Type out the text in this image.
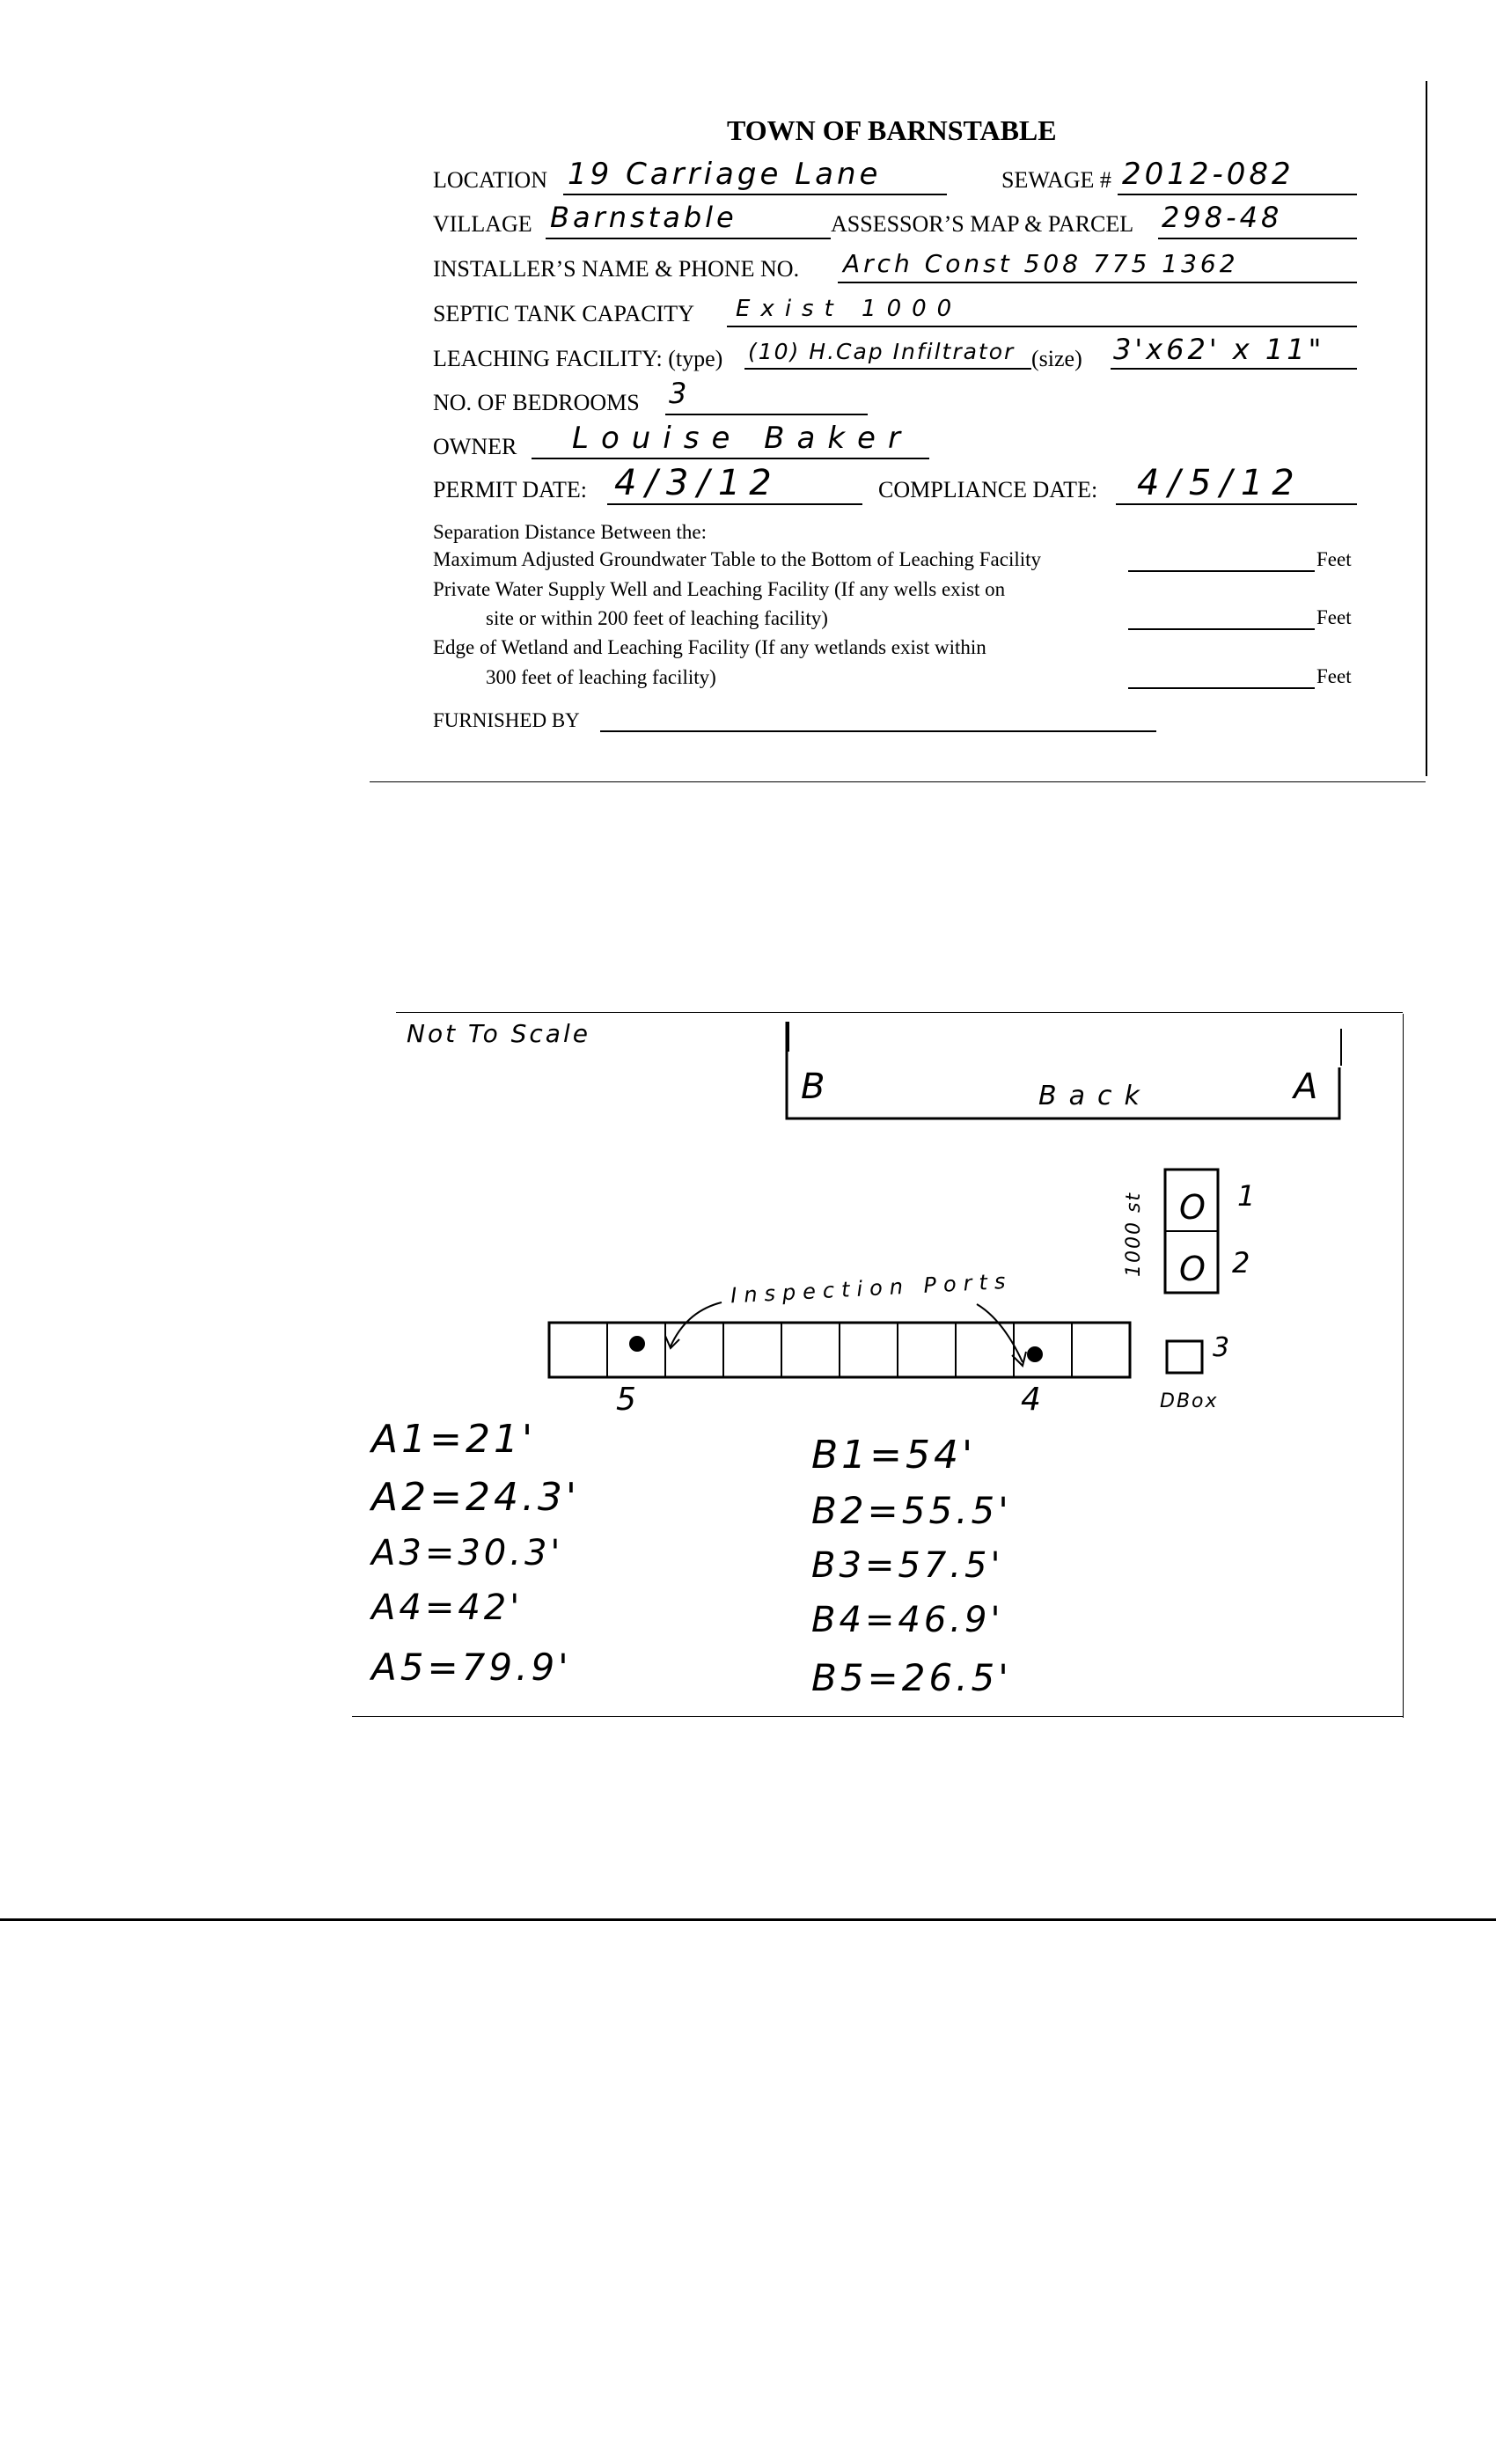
TOWN OF BARNSTABLE
LOCATION 19 Carriage Lane	SEWAGE # 2012-082
VILLAGE Barnstable	ASSESSOR’S MAP & PARCEL 298-48
INSTALLER’S NAME & PHONE NO. Arch Const 508 775 1362
SEPTIC TANK CAPACITY Exist 1000
LEACHING FACILITY: (type) (10) H.Cap Infiltrator (size) 3'x62' x 11"
NO. OF BEDROOMS 3
OWNER Louise Baker
PERMIT DATE: 4/3/12	COMPLIANCE DATE: 4/5/12
Separation Distance Between the:
Maximum Adjusted Groundwater Table to the Bottom of Leaching Facility	Feet
Private Water Supply Well and Leaching Facility (If any wells exist on
site or within 200 feet of leaching facility)	Feet
Edge of Wetland and Leaching Facility (If any wetlands exist within
300 feet of leaching facility)	Feet
FURNISHED BY
Not To Scale
B	Back	A
O
O
1000 st	1
2
Inspection Ports
5	4
3
DBox
A1=21'
A2=24.3'
A3=30.3'
A4=42'
A5=79.9'
B1=54'
B2=55.5'
B3=57.5'
B4=46.9'
B5=26.5'
